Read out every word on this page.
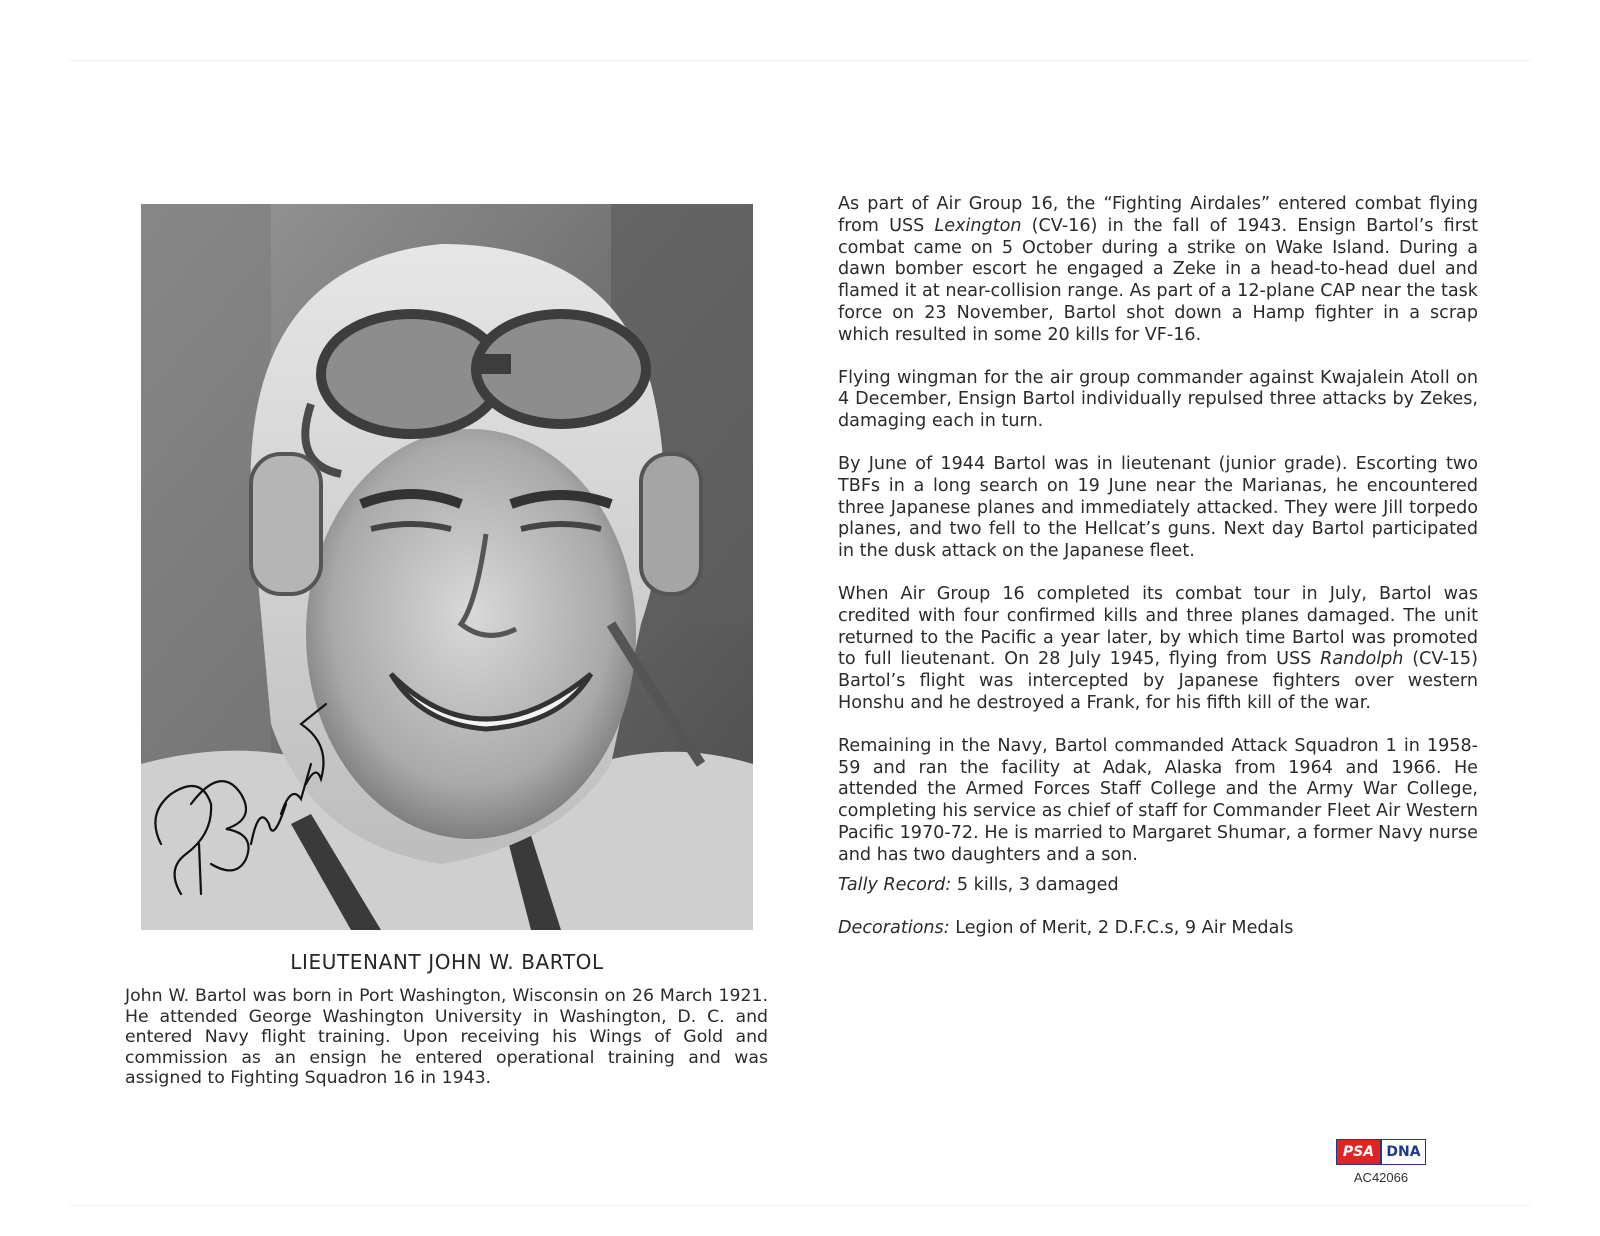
LIEUTENANT JOHN W. BARTOL
John W. Bartol was born in Port Washington, Wisconsin on 26 March 1921. He attended George Washington University in Washington, D. C. and entered Navy flight training. Upon receiving his Wings of Gold and commission as an ensign he entered operational training and was assigned to Fighting Squadron 16 in 1943.

As part of Air Group 16, the “Fighting Airdales” entered combat flying from USS Lexington (CV-16) in the fall of 1943. Ensign Bartol’s first combat came on 5 October during a strike on Wake Island. During a dawn bomber escort he engaged a Zeke in a head-to-head duel and flamed it at near-collision range. As part of a 12-plane CAP near the task force on 23 November, Bartol shot down a Hamp fighter in a scrap which resulted in some 20 kills for VF-16.

Flying wingman for the air group commander against Kwajalein Atoll on 4 December, Ensign Bartol individually repulsed three attacks by Zekes, damaging each in turn.

By June of 1944 Bartol was in lieutenant (junior grade). Escorting two TBFs in a long search on 19 June near the Marianas, he encountered three Japanese planes and immediately attacked. They were Jill torpedo planes, and two fell to the Hellcat’s guns. Next day Bartol participated in the dusk attack on the Japanese fleet.

When Air Group 16 completed its combat tour in July, Bartol was credited with four confirmed kills and three planes damaged. The unit returned to the Pacific a year later, by which time Bartol was promoted to full lieutenant. On 28 July 1945, flying from USS Randolph (CV-15) Bartol’s flight was intercepted by Japanese fighters over western Honshu and he destroyed a Frank, for his fifth kill of the war.

Remaining in the Navy, Bartol commanded Attack Squadron 1 in 1958-59 and ran the facility at Adak, Alaska from 1964 and 1966. He attended the Armed Forces Staff College and the Army War College, completing his service as chief of staff for Commander Fleet Air Western Pacific 1970-72. He is married to Margaret Shumar, a former Navy nurse and has two daughters and a son.

Tally Record: 5 kills, 3 damaged
Decorations: Legion of Merit, 2 D.F.C.s, 9 Air Medals
PSA DNA
AC42066
